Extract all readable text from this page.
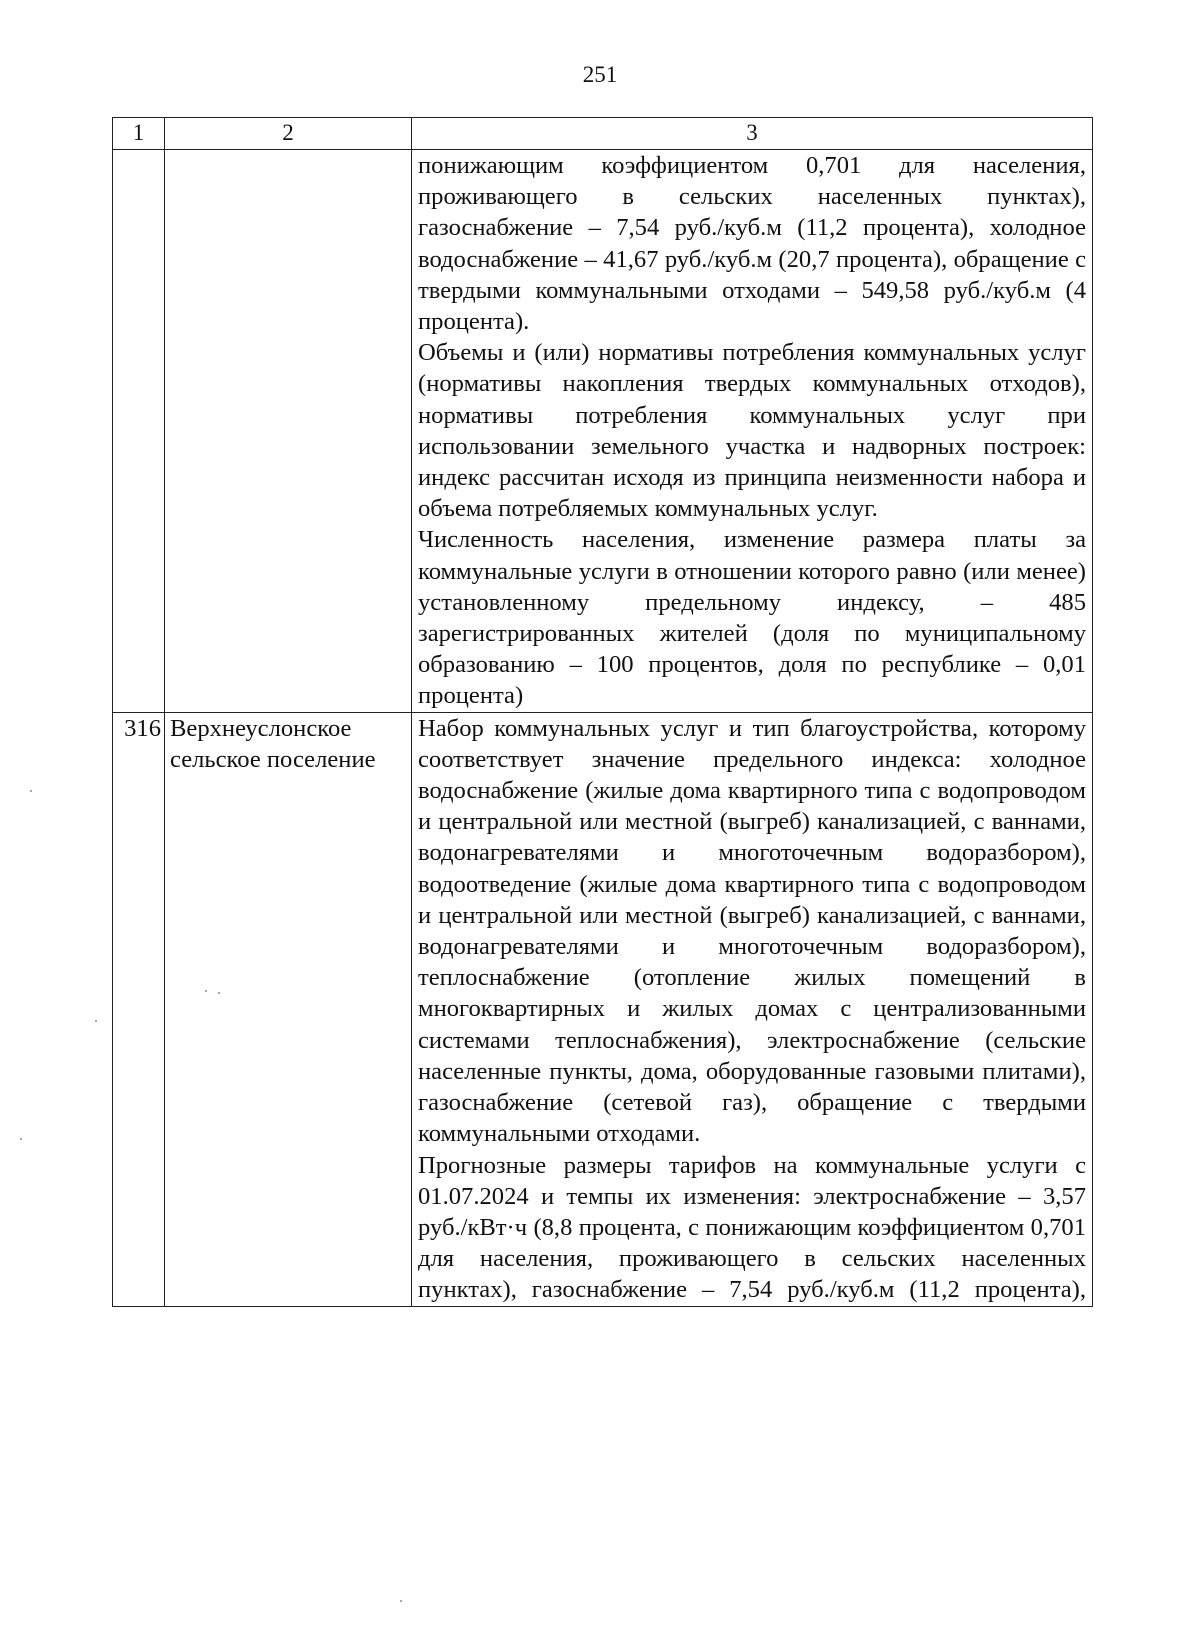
251
1	2	3

		понижающим коэффициентом 0,701 для населения, проживающего в сельских населенных пунктах), газоснабжение – 7,54 руб./куб.м (11,2 процента), холодное водоснабжение – 41,67 руб./куб.м (20,7 процента), обращение с твердыми коммунальными отходами – 549,58 руб./куб.м (4 процента).

Объемы и (или) нормативы потребления коммунальных услуг (нормативы накопления твердых коммунальных отходов), нормативы потребления коммунальных услуг при использовании земельного участка и надворных построек: индекс рассчитан исходя из принципа неизменности набора и объема потребляемых коммунальных услуг.

Численность населения, изменение размера платы за коммунальные услуги в отношении которого равно (или менее) установленному предельному индексу, – 485 зарегистрированных жителей (доля по муниципальному образованию – 100 процентов, доля по республике – 0,01 процента)

316	Верхнеуслонское сельское поселение	Набор коммунальных услуг и тип благоустройства, которому соответствует значение предельного индекса: холодное водоснабжение (жилые дома квартирного типа с водопроводом и центральной или местной (выгреб) канализацией, с ваннами, водонагревателями и многоточечным водоразбором), водоотведение (жилые дома квартирного типа с водопроводом и центральной или местной (выгреб) канализацией, с ваннами, водонагревателями и многоточечным водоразбором), теплоснабжение (отопление жилых помещений в многоквартирных и жилых домах с централизованными системами теплоснабжения), электроснабжение (сельские населенные пункты, дома, оборудованные газовыми плитами), газоснабжение (сетевой газ), обращение с твердыми коммунальными отходами.

Прогнозные размеры тарифов на коммунальные услуги с 01.07.2024 и темпы их изменения: электроснабжение – 3,57 руб./кВт·ч (8,8 процента, с понижающим коэффициентом 0,701 для населения, проживающего в сельских населенных пунктах), газоснабжение – 7,54 руб./куб.м (11,2 процента),
